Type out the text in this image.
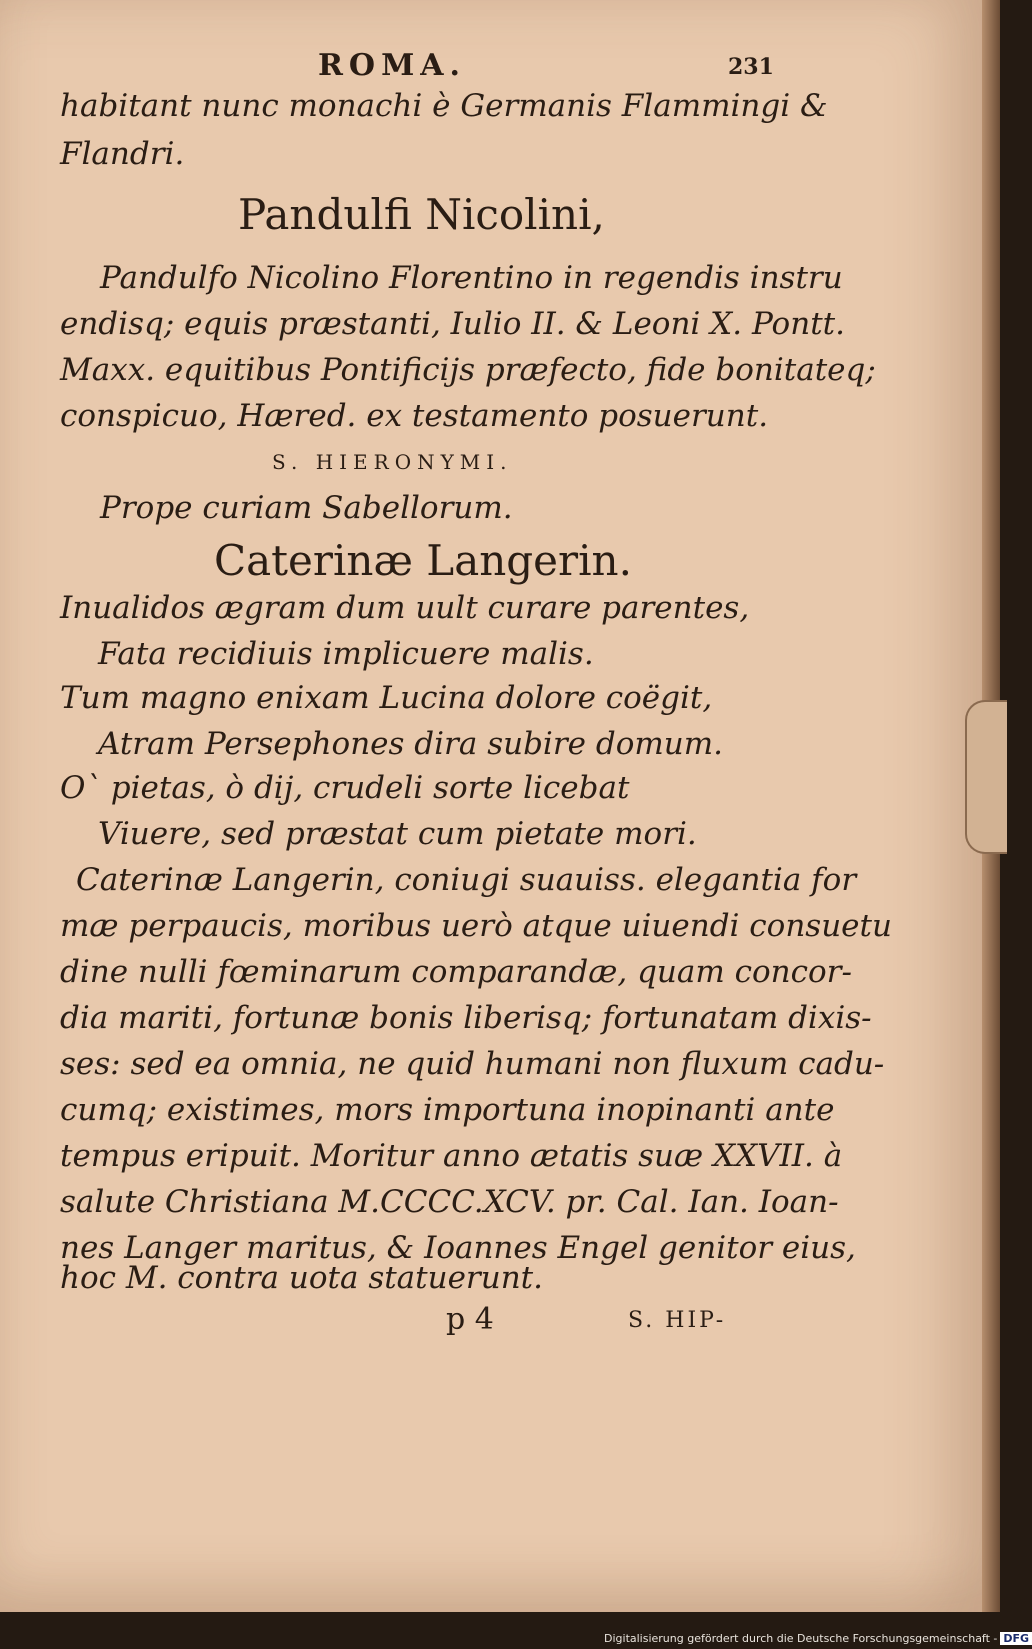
ROMA.	231
habitant nunc monachi è Germanis Flammingi &
Flandri.
Pandulfi Nicolini,
Pandulfo Nicolino Florentino in regendis instru
endisq; equis præstanti, Iulio II. & Leoni X. Pontt.
Maxx. equitibus Pontificijs præfecto, fide bonitateq;
conspicuo, Hæred. ex testamento posuerunt.
S. HIERONYMI.
Prope curiam Sabellorum.
Caterinæ Langerin.
Inualidos ægram dum uult curare parentes,
Fata recidiuis implicuere malis.
Tum magno enixam Lucina dolore coëgit,
Atram Persephones dira subire domum.
O` pietas, ò dij, crudeli sorte licebat
Viuere, sed præstat cum pietate mori.
Caterinæ Langerin, coniugi suauiss. elegantia for
mæ perpaucis, moribus uerò atque uiuendi consuetu
dine nulli fœminarum comparandæ, quam concor-
dia mariti, fortunæ bonis liberisq; fortunatam dixis-
ses: sed ea omnia, ne quid humani non fluxum cadu-
cumq; existimes, mors importuna inopinanti ante
tempus eripuit. Moritur anno ætatis suæ XXVII. à
salute Christiana M.CCCC.XCV. pr. Cal. Ian. Ioan-
nes Langer maritus, & Ioannes Engel genitor eius,
hoc M. contra uota statuerunt.
p 4	S. HIP-
Digitalisierung gefördert durch die Deutsche Forschungsgemeinschaft - DFG
